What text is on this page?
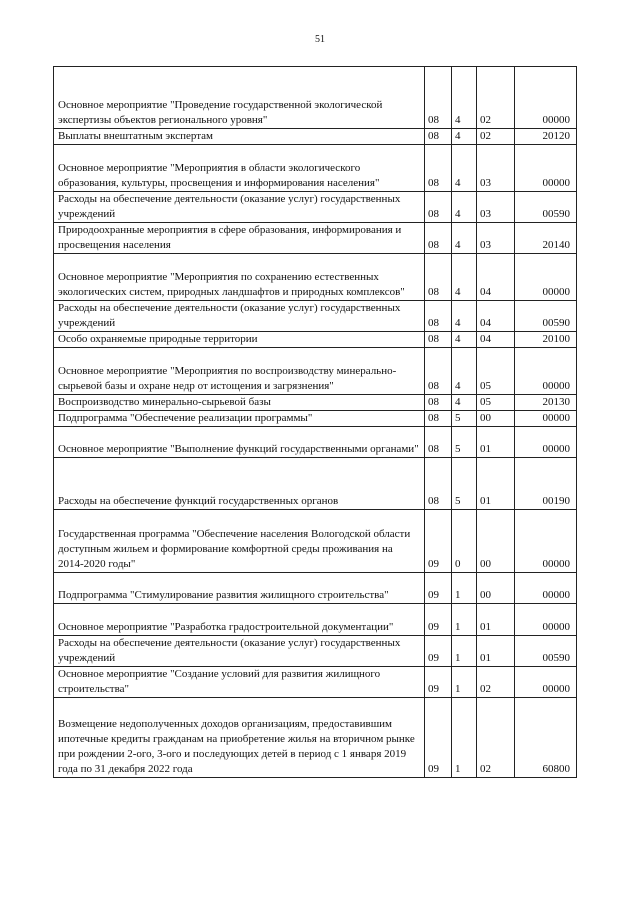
51
Основное мероприятие "Проведение государственной экологической экспертизы объектов регионального уровня"	08	4	02	00000
Выплаты внештатным экспертам	08	4	02	20120
Основное мероприятие "Мероприятия в области экологического образования, культуры, просвещения и информирования населения"	08	4	03	00000
Расходы на обеспечение деятельности (оказание услуг) государственных учреждений	08	4	03	00590
Природоохранные мероприятия в сфере образования, информирования и просвещения населения	08	4	03	20140
Основное мероприятие "Мероприятия по сохранению естественных экологических систем, природных ландшафтов и природных комплексов"	08	4	04	00000
Расходы на обеспечение деятельности (оказание услуг) государственных учреждений	08	4	04	00590
Особо охраняемые природные территории	08	4	04	20100
Основное мероприятие "Мероприятия по воспроизводству минерально-сырьевой базы и охране недр от истощения и загрязнения"	08	4	05	00000
Воспроизводство минерально-сырьевой базы	08	4	05	20130
Подпрограмма "Обеспечение реализации программы"	08	5	00	00000
Основное мероприятие "Выполнение функций государственными органами"	08	5	01	00000
Расходы на обеспечение функций государственных органов	08	5	01	00190
Государственная программа "Обеспечение населения Вологодской области доступным жильем и формирование комфортной среды проживания на 2014-2020 годы"	09	0	00	00000
Подпрограмма "Стимулирование развития жилищного строительства"	09	1	00	00000
Основное мероприятие "Разработка градостроительной документации"	09	1	01	00000
Расходы на обеспечение деятельности (оказание услуг) государственных учреждений	09	1	01	00590
Основное мероприятие "Создание условий для развития жилищного строительства"	09	1	02	00000
Возмещение недополученных доходов организациям, предоставившим ипотечные кредиты гражданам на приобретение жилья на вторичном рынке при рождении 2-ого, 3-ого и последующих детей в период с 1 января 2019 года по 31 декабря 2022 года	09	1	02	60800
